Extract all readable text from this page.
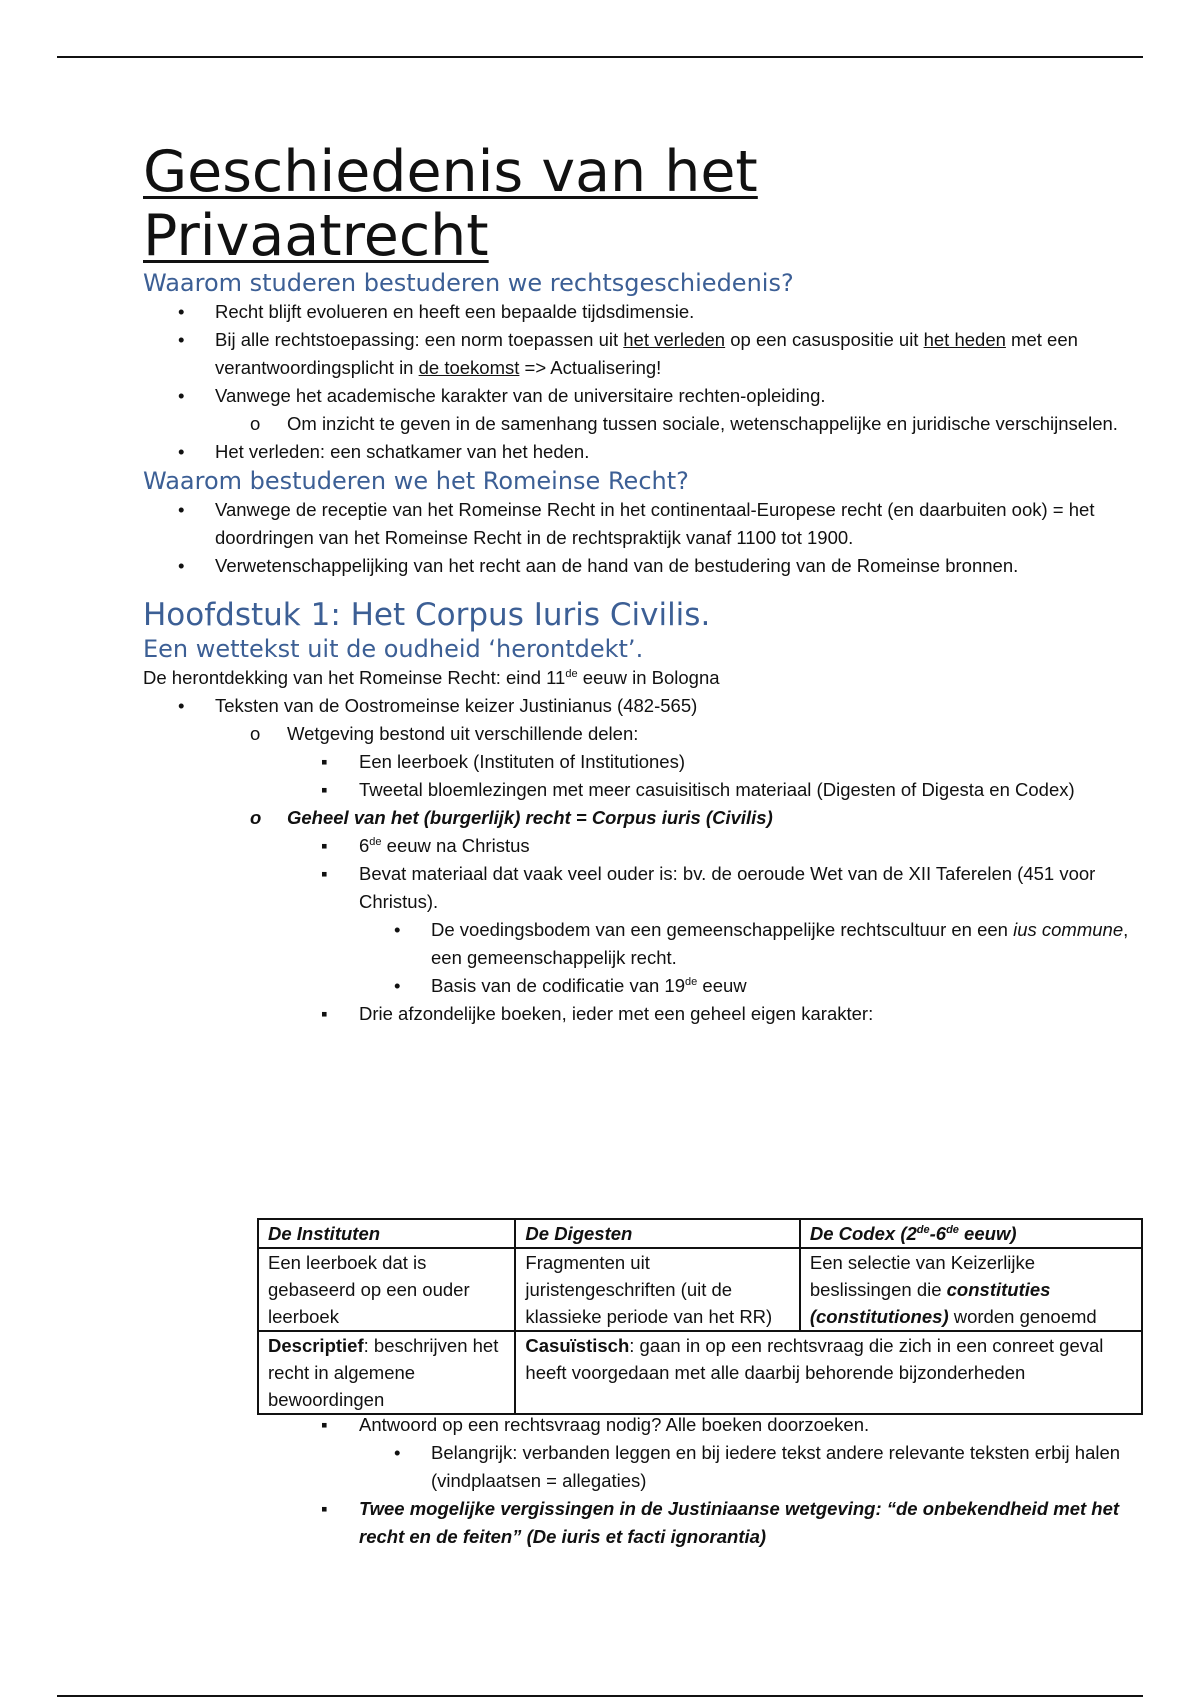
Geschiedenis van het
Privaatrecht
Waarom studeren bestuderen we rechtsgeschiedenis?
• Recht blijft evolueren en heeft een bepaalde tijdsdimensie.
• Bij alle rechtstoepassing: een norm toepassen uit het verleden op een casuspositie uit het heden met een verantwoordingsplicht in de toekomst => Actualisering!
• Vanwege het academische karakter van de universitaire rechten-opleiding.
o Om inzicht te geven in de samenhang tussen sociale, wetenschappelijke en juridische verschijnselen.
• Het verleden: een schatkamer van het heden.
Waarom bestuderen we het Romeinse Recht?
• Vanwege de receptie van het Romeinse Recht in het continentaal-Europese recht (en daarbuiten ook) = het doordringen van het Romeinse Recht in de rechtspraktijk vanaf 1100 tot 1900.
• Verwetenschappelijking van het recht aan de hand van de bestudering van de Romeinse bronnen.
Hoofdstuk 1: Het Corpus Iuris Civilis.
Een wettekst uit de oudheid ‘herontdekt’.

De herontdekking van het Romeinse Recht: eind 11de eeuw in Bologna

• Teksten van de Oostromeinse keizer Justinianus (482-565)
o Wetgeving bestond uit verschillende delen:
▪ Een leerboek (Instituten of Institutiones)
▪ Tweetal bloemlezingen met meer casuisitisch materiaal (Digesten of Digesta en Codex)
o Geheel van het (burgerlijk) recht = Corpus iuris (Civilis)
▪ 6de eeuw na Christus
▪ Bevat materiaal dat vaak veel ouder is: bv. de oeroude Wet van de XII Taferelen (451 voor Christus).
• De voedingsbodem van een gemeenschappelijke rechtscultuur en een ius commune, een gemeenschappelijk recht.
• Basis van de codificatie van 19de eeuw
▪ Drie afzondelijke boeken, ieder met een geheel eigen karakter:
De Instituten	De Digesten	De Codex (2de-6de eeuw)
Een leerboek dat is gebaseerd op een ouder leerboek	Fragmenten uit juristengeschriften (uit de klassieke periode van het RR)	Een selectie van Keizerlijke beslissingen die constituties (constitutiones) worden genoemd
Descriptief: beschrijven het recht in algemene bewoordingen	Casuïstisch: gaan in op een rechtsvraag die zich in een conreet geval heeft voorgedaan met alle daarbij behorende bijzonderheden	
▪ Antwoord op een rechtsvraag nodig? Alle boeken doorzoeken.
• Belangrijk: verbanden leggen en bij iedere tekst andere relevante teksten erbij halen (vindplaatsen = allegaties)
▪ Twee mogelijke vergissingen in de Justiniaanse wetgeving: “de onbekendheid met het recht en de feiten” (De iuris et facti ignorantia)
